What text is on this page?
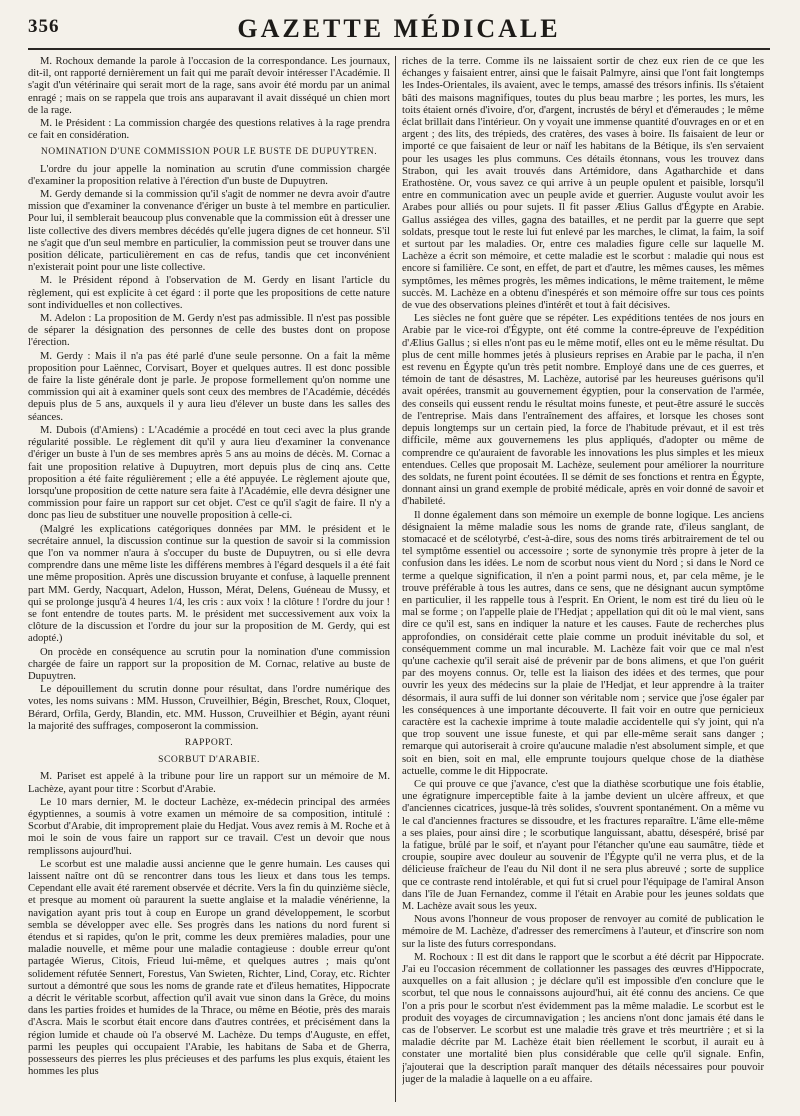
356	GAZETTE MÉDICALE

M. Rochoux demande la parole à l'occasion de la correspondance. Les journaux, dit-il, ont rapporté dernièrement un fait qui me paraît devoir intéresser l'Académie. Il s'agit d'un vétérinaire qui serait mort de la rage, sans avoir été mordu par un animal enragé ; mais on se rappela que trois ans auparavant il avait disséqué un chien mort de la rage.

M. le Président : La commission chargée des questions relatives à la rage prendra ce fait en considération.

NOMINATION D'UNE COMMISSION POUR LE BUSTE DE DUPUYTREN.

L'ordre du jour appelle la nomination au scrutin d'une commission chargée d'examiner la proposition relative à l'érection d'un buste de Dupuytren.

M. Gerdy demande si la commission qu'il s'agit de nommer ne devra avoir d'autre mission que d'examiner la convenance d'ériger un buste à tel membre en particulier. Pour lui, il semblerait beaucoup plus convenable que la commission eût à dresser une liste collective des divers membres décédés qu'elle jugera dignes de cet honneur. S'il ne s'agit que d'un seul membre en particulier, la commission peut se trouver dans une position délicate, particulièrement en cas de refus, tandis que cet inconvénient n'existerait point pour une liste collective.

M. le Président répond à l'observation de M. Gerdy en lisant l'article du règlement, qui est explicite à cet égard : il porte que les propositions de cette nature sont individuelles et non collectives.

M. Adelon : La proposition de M. Gerdy n'est pas admissible. Il n'est pas possible de séparer la désignation des personnes de celle des bustes dont on propose l'érection.

M. Gerdy : Mais il n'a pas été parlé d'une seule personne. On a fait la même proposition pour Laënnec, Corvisart, Boyer et quelques autres. Il est donc possible de faire la liste générale dont je parle. Je propose formellement qu'on nomme une commission qui ait à examiner quels sont ceux des membres de l'Académie, décédés depuis plus de 5 ans, auxquels il y aura lieu d'élever un buste dans les salles des séances.

M. Dubois (d'Amiens) : L'Académie a procédé en tout ceci avec la plus grande régularité possible. Le règlement dit qu'il y aura lieu d'examiner la convenance d'ériger un buste à l'un de ses membres après 5 ans au moins de décès. M. Cornac a fait une proposition relative à Dupuytren, mort depuis plus de cinq ans. Cette proposition a été faite régulièrement ; elle a été appuyée. Le règlement ajoute que, lorsqu'une proposition de cette nature sera faite à l'Académie, elle devra désigner une commission pour faire un rapport sur cet objet. C'est ce qu'il s'agit de faire. Il n'y a donc pas lieu de substituer une nouvelle proposition à celle-ci.

(Malgré les explications catégoriques données par MM. le président et le secrétaire annuel, la discussion continue sur la question de savoir si la commission que l'on va nommer n'aura à s'occuper du buste de Dupuytren, ou si elle devra comprendre dans une même liste les différens membres à l'égard desquels il a été fait une même proposition. Après une discussion bruyante et confuse, à laquelle prennent part MM. Gerdy, Nacquart, Adelon, Husson, Mérat, Delens, Guéneau de Mussy, et qui se prolonge jusqu'à 4 heures 1/4, les cris : aux voix ! la clôture ! l'ordre du jour ! se font entendre de toutes parts. M. le président met successivement aux voix la clôture de la discussion et l'ordre du jour sur la proposition de M. Gerdy, qui est adopté.)

On procède en conséquence au scrutin pour la nomination d'une commission chargée de faire un rapport sur la proposition de M. Cornac, relative au buste de Dupuytren.

Le dépouillement du scrutin donne pour résultat, dans l'ordre numérique des votes, les noms suivans : MM. Husson, Cruveilhier, Bégin, Breschet, Roux, Cloquet, Bérard, Orfila, Gerdy, Blandin, etc. MM. Husson, Cruveilhier et Bégin, ayant réuni la majorité des suffrages, composeront la commission.

RAPPORT.
SCORBUT D'ARABIE.

M. Pariset est appelé à la tribune pour lire un rapport sur un mémoire de M. Lachèze, ayant pour titre : Scorbut d'Arabie.

Le 10 mars dernier, M. le docteur Lachèze, ex-médecin principal des armées égyptiennes, a soumis à votre examen un mémoire de sa composition, intitulé : Scorbut d'Arabie, dit improprement plaie du Hedjat. Vous avez remis à M. Roche et à moi le soin de vous faire un rapport sur ce travail. C'est un devoir que nous remplissons aujourd'hui.

Le scorbut est une maladie aussi ancienne que le genre humain. Les causes qui laissent naître ont dû se rencontrer dans tous les lieux et dans tous les temps. Cependant elle avait été rarement observée et décrite. Vers la fin du quinzième siècle, et presque au moment où paraurent la suette anglaise et la maladie vénérienne, la navigation ayant pris tout à coup en Europe un grand développement, le scorbut sembla se développer avec elle. Ses progrès dans les nations du nord furent si étendus et si rapides, qu'on le prit, comme les deux premières maladies, pour une maladie nouvelle, et même pour une maladie contagieuse : double erreur qu'ont partagée Wierus, Citois, Frieud lui-même, et quelques autres ; mais qu'ont solidement réfutée Sennert, Forestus, Van Swieten, Richter, Lind, Coray, etc. Richter surtout a démontré que sous les noms de grande rate et d'ileus hematites, Hippocrate a décrit le véritable scorbut, affection qu'il avait vue sinon dans la Grèce, du moins dans les parties froides et humides de la Thrace, ou même en Béotie, près des marais d'Ascra. Mais le scorbut était encore dans d'autres contrées, et précisément dans la région lumide et chaude où l'a observé M. Lachèze. Du temps d'Auguste, en effet, parmi les peuples qui occupaient l'Arabie, les habitans de Saba et de Gherra, possesseurs des pierres les plus précieuses et des parfums les plus exquis, étaient les hommes les plus

riches de la terre. Comme ils ne laissaient sortir de chez eux rien de ce que les échanges y faisaient entrer, ainsi que le faisait Palmyre, ainsi que l'ont fait longtemps les Indes-Orientales, ils avaient, avec le temps, amassé des trésors infinis. Ils s'étaient bâti des maisons magnifiques, toutes du plus beau marbre ; les portes, les murs, les toits étaient ornés d'ivoire, d'or, d'argent, incrustés de béryl et d'émeraudes ; le même éclat brillait dans l'intérieur. On y voyait une immense quantité d'ouvrages en or et en argent ; des lits, des trépieds, des cratères, des vases à boire. Ils faisaient de leur or importé ce que faisaient de leur or naïf les habitans de la Bétique, ils s'en servaient pour les usages les plus communs. Ces détails étonnans, vous les trouvez dans Strabon, qui les avait trouvés dans Artémidore, dans Agatharchide et dans Erathostène. Or, vous savez ce qui arrive à un peuple opulent et paisible, lorsqu'il entre en communication avec un peuple avide et guerrier. Auguste voulut avoir les Arabes pour alliés ou pour sujets. Il fit passer Ælius Gallus d'Égypte en Arabie. Gallus assiégea des villes, gagna des batailles, et ne perdit par la guerre que sept soldats, presque tout le reste lui fut enlevé par les marches, le climat, la faim, la soif et surtout par les maladies. Or, entre ces maladies figure celle sur laquelle M. Lachèze a écrit son mémoire, et cette maladie est le scorbut : maladie qui nous est encore si familière. Ce sont, en effet, de part et d'autre, les mêmes causes, les mêmes symptômes, les mêmes progrès, les mêmes indications, le même traitement, le même succès. M. Lachèze en a obtenu d'inespérés et son mémoire offre sur tous ces points de vue des observations pleines d'intérêt et tout à fait décisives.

Les siècles ne font guère que se répéter. Les expéditions tentées de nos jours en Arabie par le vice-roi d'Égypte, ont été comme la contre-épreuve de l'expédition d'Ælius Gallus ; si elles n'ont pas eu le même motif, elles ont eu le même résultat. Du plus de cent mille hommes jetés à plusieurs reprises en Arabie par le pacha, il n'en est revenu en Égypte qu'un très petit nombre. Employé dans une de ces guerres, et témoin de tant de désastres, M. Lachèze, autorisé par les heureuses guérisons qu'il avait opérées, transmit au gouvernement égyptien, pour la conservation de l'armée, des conseils qui eussent rendu le résultat moins funeste, et peut-être assuré le succès de l'entreprise. Mais dans l'entraînement des affaires, et lorsque les choses sont depuis longtemps sur un certain pied, la force de l'habitude prévaut, et il est très difficile, même aux gouvernemens les plus appliqués, d'adopter ou même de comprendre ce qu'auraient de favorable les innovations les plus simples et les mieux entendues. Celles que proposait M. Lachèze, seulement pour améliorer la nourriture des soldats, ne furent point écoutées. Il se démit de ses fonctions et rentra en Égypte, donnant ainsi un grand exemple de probité médicale, après en voir donné de savoir et d'habileté.

Il donne également dans son mémoire un exemple de bonne logique. Les anciens désignaient la même maladie sous les noms de grande rate, d'ileus sanglant, de stomacacé et de scélotyrbé, c'est-à-dire, sous des noms tirés arbitrairement de tel ou tel symptôme essentiel ou accessoire ; sorte de synonymie très propre à jeter de la confusion dans les idées. Le nom de scorbut nous vient du Nord ; si dans le Nord ce terme a quelque signification, il n'en a point parmi nous, et, par cela même, je le trouve préférable à tous les autres, dans ce sens, que ne désignant aucun symptôme en particulier, il les rappelle tous à l'esprit. En Orient, le nom est tiré du lieu où le mal se forme ; on l'appelle plaie de l'Hedjat ; appellation qui dit où le mal vient, sans dire ce qu'il est, sans en indiquer la nature et les causes. Faute de recherches plus approfondies, on considérait cette plaie comme un produit inévitable du sol, et conséquemment comme un mal incurable. M. Lachèze fait voir que ce mal n'est qu'une cachexie qu'il serait aisé de prévenir par de bons alimens, et que l'on guérit par des moyens connus. Or, telle est la liaison des idées et des termes, que pour ouvrir les yeux des médecins sur la plaie de l'Hedjat, et leur apprendre à la traiter désormais, il aura suffi de lui donner son véritable nom ; service que j'ose égaler par les conséquences à une importante découverte. Il fait voir en outre que pernicieux caractère est la cachexie imprime à toute maladie accidentelle qui s'y joint, qui n'a que trop souvent une issue funeste, et qui par elle-même serait sans danger ; remarque qui autoriserait à croire qu'aucune maladie n'est absolument simple, et que soit en bien, soit en mal, elle emprunte toujours quelque chose de la diathèse actuelle, comme le dit Hippocrate.

Ce qui prouve ce que j'avance, c'est que la diathèse scorbutique une fois établie, une égratignure imperceptible faite à la jambe devient un ulcère affreux, et que d'anciennes cicatrices, jusque-là très solides, s'ouvrent spontanément. On a même vu le cal d'anciennes fractures se dissoudre, et les fractures reparaître. L'âme elle-même a ses plaies, pour ainsi dire ; le scorbutique languissant, abattu, désespéré, brisé par la fatigue, brûlé par le soif, et n'ayant pour l'étancher qu'une eau saumâtre, tiède et croupie, soupire avec douleur au souvenir de l'Égypte qu'il ne verra plus, et de la délicieuse fraîcheur de l'eau du Nil dont il ne sera plus abreuvé ; sorte de supplice que ce contraste rend intolérable, et qui fut si cruel pour l'équipage de l'amiral Anson dans l'île de Juan Fernandez, comme il l'était en Arabie pour les jeunes soldats que M. Lachèze avait sous les yeux.

Nous avons l'honneur de vous proposer de renvoyer au comité de publication le mémoire de M. Lachèze, d'adresser des remercîmens à l'auteur, et d'inscrire son nom sur la liste des futurs correspondans.

M. Rochoux : Il est dit dans le rapport que le scorbut a été décrit par Hippocrate. J'ai eu l'occasion récemment de collationner les passages des œuvres d'Hippocrate, auxquelles on a fait allusion ; je déclare qu'il est impossible d'en conclure que le scorbut, tel que nous le connaissons aujourd'hui, ait été connu des anciens. Ce que l'on a pris pour le scorbut n'est évidemment pas la même maladie. Le scorbut est le produit des voyages de circumnavigation ; les anciens n'ont donc jamais été dans le cas de l'observer. Le scorbut est une maladie très grave et très meurtrière ; et si la maladie décrite par M. Lachèze était bien réellement le scorbut, il aurait eu à constater une mortalité bien plus considérable que celle qu'il signale. Enfin, j'ajouterai que la description paraît manquer des détails nécessaires pour pouvoir juger de la maladie à laquelle on a eu affaire.
